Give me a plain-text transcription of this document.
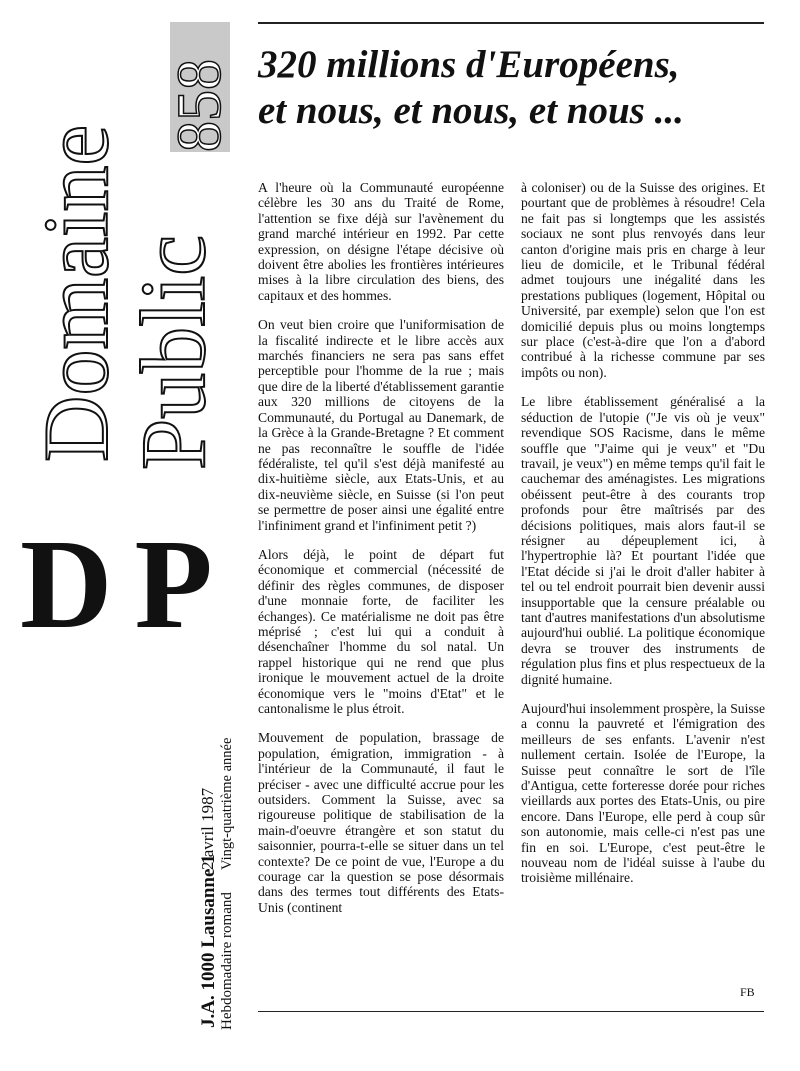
858
Domaine
Public
DP
J.A. 1000 Lausanne 1
2 avril 1987
Hebdomadaire romand
Vingt-quatrième année
320 millions d'Européens,
et nous, et nous, et nous ...

A l'heure où la Communauté européenne célèbre les 30 ans du Traité de Rome, l'attention se fixe déjà sur l'avènement du grand marché intérieur en 1992. Par cette expression, on désigne l'étape décisive où doivent être abolies les frontières intérieures mises à la libre circulation des biens, des capitaux et des hommes.

On veut bien croire que l'uniformisation de la fiscalité indirecte et le libre accès aux marchés financiers ne sera pas sans effet perceptible pour l'homme de la rue ; mais que dire de la liberté d'établissement garantie aux 320 millions de citoyens de la Communauté, du Portugal au Danemark, de la Grèce à la Grande-Bretagne ? Et comment ne pas reconnaître le souffle de l'idée fédéraliste, tel qu'il s'est déjà manifesté au dix-huitième siècle, aux Etats-Unis, et au dix-neuvième siècle, en Suisse (si l'on peut se permettre de poser ainsi une égalité entre l'infiniment grand et l'infiniment petit ?)

Alors déjà, le point de départ fut économique et commercial (nécessité de définir des règles communes, de disposer d'une monnaie forte, de faciliter les échanges). Ce matérialisme ne doit pas être méprisé ; c'est lui qui a conduit à désenchaîner l'homme du sol natal. Un rappel historique qui ne rend que plus ironique le mouvement actuel de la droite économique vers le "moins d'Etat" et le cantonalisme le plus étroit.

Mouvement de population, brassage de population, émigration, immigration - à l'intérieur de la Communauté, il faut le préciser - avec une difficulté accrue pour les outsiders. Comment la Suisse, avec sa rigoureuse politique de stabilisation de la main-d'oeuvre étrangère et son statut du saisonnier, pourra-t-elle se situer dans un tel contexte? De ce point de vue, l'Europe a du courage car la question se pose désormais dans des termes tout différents des Etats-Unis (continent

à coloniser) ou de la Suisse des origines. Et pourtant que de problèmes à résoudre! Cela ne fait pas si longtemps que les assistés sociaux ne sont plus renvoyés dans leur canton d'origine mais pris en charge à leur lieu de domicile, et le Tribunal fédéral admet toujours une inégalité dans les prestations publiques (logement, Hôpital ou Université, par exemple) selon que l'on est domicilié depuis plus ou moins longtemps sur place (c'est-à-dire que l'on a d'abord contribué à la richesse commune par ses impôts ou non).

Le libre établissement généralisé a la séduction de l'utopie ("Je vis où je veux" revendique SOS Racisme, dans le même souffle que "J'aime qui je veux" et "Du travail, je veux") en même temps qu'il fait le cauchemar des aménagistes. Les migrations obéissent peut-être à des courants trop profonds pour être maîtrisés par des décisions politiques, mais alors faut-il se résigner au dépeuplement ici, à l'hypertrophie là? Et pourtant l'idée que l'Etat décide si j'ai le droit d'aller habiter à tel ou tel endroit pourrait bien devenir aussi insupportable que la censure préalable ou tant d'autres manifestations d'un absolutisme aujourd'hui oublié. La politique économique devra se trouver des instruments de régulation plus fins et plus respectueux de la dignité humaine.

Aujourd'hui insolemment prospère, la Suisse a connu la pauvreté et l'émigration des meilleurs de ses enfants. L'avenir n'est nullement certain. Isolée de l'Europe, la Suisse peut connaître le sort de l'île d'Antigua, cette forteresse dorée pour riches vieillards aux portes des Etats-Unis, ou pire encore. Dans l'Europe, elle perd à coup sûr son autonomie, mais celle-ci n'est pas une fin en soi. L'Europe, c'est peut-être le nouveau nom de l'idéal suisse à l'aube du troisième millénaire.

FB
